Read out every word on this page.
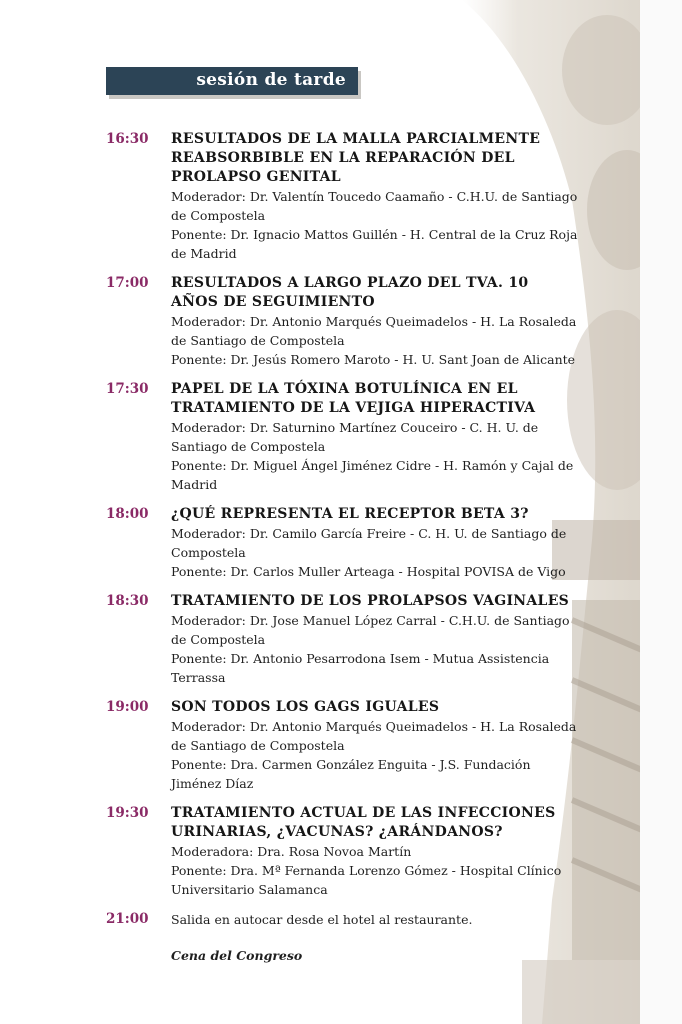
sesión de tarde
16:30 RESULTADOS DE LA MALLA PARCIALMENTE REABSORBIBLE EN LA REPARACIÓN DEL PROLAPSO GENITAL
Moderador: Dr. Valentín Toucedo Caamaño - C.H.U. de Santiago de Compostela
Ponente: Dr. Ignacio Mattos Guillén - H. Central de la Cruz Roja de Madrid
17:00 RESULTADOS A LARGO PLAZO DEL TVA. 10 AÑOS DE SEGUIMIENTO
Moderador: Dr. Antonio Marqués Queimadelos - H. La Rosaleda de Santiago de Compostela
Ponente: Dr. Jesús Romero Maroto - H. U. Sant Joan de Alicante
17:30 PAPEL DE LA TÓXINA BOTULÍNICA EN EL TRATAMIENTO DE LA VEJIGA HIPERACTIVA
Moderador: Dr. Saturnino Martínez Couceiro - C. H. U. de Santiago de Compostela
Ponente: Dr. Miguel Ángel Jiménez Cidre - H. Ramón y Cajal de Madrid
18:00 ¿QUÉ REPRESENTA EL RECEPTOR BETA 3?
Moderador: Dr. Camilo García Freire - C. H. U. de Santiago de Compostela
Ponente: Dr. Carlos Muller Arteaga - Hospital POVISA de Vigo
18:30 TRATAMIENTO DE LOS PROLAPSOS VAGINALES
Moderador: Dr. Jose Manuel López Carral - C.H.U. de Santiago de Compostela
Ponente: Dr. Antonio Pesarrodona Isem - Mutua Assistencia Terrassa
19:00 SON TODOS LOS GAGS IGUALES
Moderador: Dr. Antonio Marqués Queimadelos - H. La Rosaleda de Santiago de Compostela
Ponente: Dra. Carmen González Enguita - J.S. Fundación Jiménez Díaz
19:30 TRATAMIENTO ACTUAL DE LAS INFECCIONES URINARIAS, ¿VACUNAS? ¿ARÁNDANOS?
Moderadora: Dra. Rosa Novoa Martín
Ponente: Dra. Mª Fernanda Lorenzo Gómez - Hospital Clínico Universitario Salamanca
21:00 Salida en autocar desde el hotel al restaurante.
Cena del Congreso
